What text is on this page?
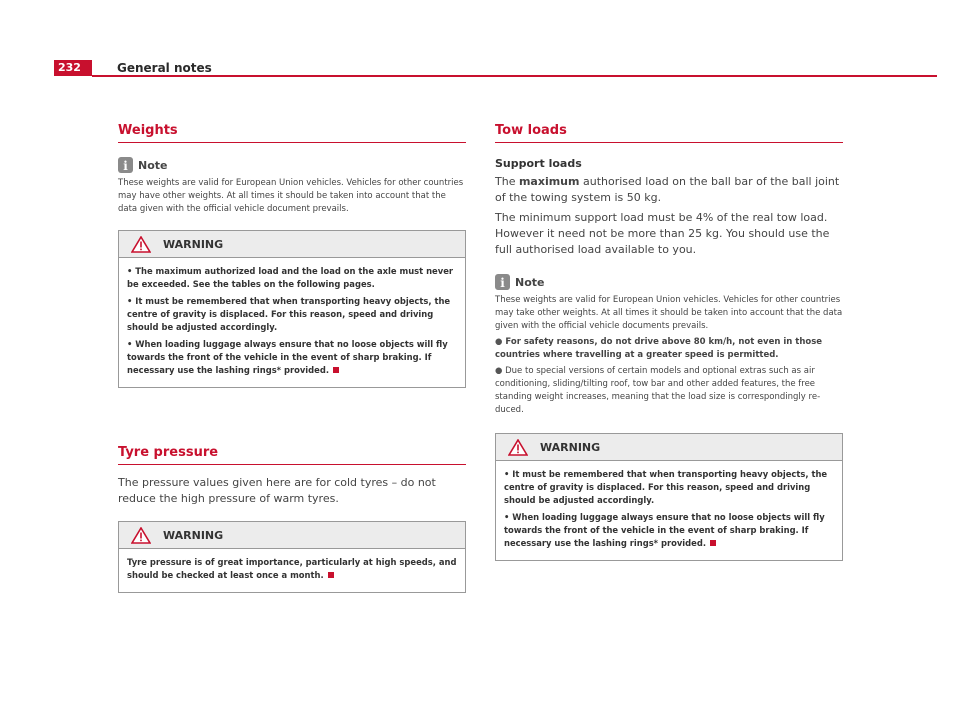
232	General notes
Weights
i Note

These weights are valid for European Union vehicles. Vehicles for other countries may have other weights. At all times it should be taken into account that the data given with the official vehicle document prevails.

WARNING

• The maximum authorized load and the load on the axle must never be exceeded. See the tables on the following pages.

• It must be remembered that when transporting heavy objects, the centre of gravity is displaced. For this reason, speed and driving should be adjusted accordingly.

• When loading luggage always ensure that no loose objects will fly towards the front of the vehicle in the event of sharp braking. If necessary use the lashing rings* provided.

Tyre pressure

The pressure values given here are for cold tyres – do not reduce the high pressure of warm tyres.

WARNING

Tyre pressure is of great importance, particularly at high speeds, and should be checked at least once a month.

Tow loads
Support loads

The maximum authorised load on the ball bar of the ball joint of the towing system is 50 kg.

The minimum support load must be 4% of the real tow load. However it need not be more than 25 kg. You should use the full authorised load available to you.

i Note

These weights are valid for European Union vehicles. Vehicles for other countries may take other weights. At all times it should be taken into account that the data given with the official vehicle documents prevails.

● For safety reasons, do not drive above 80 km/h, not even in those countries where travelling at a greater speed is permitted.

● Due to special versions of certain models and optional extras such as air conditioning, sliding/tilting roof, tow bar and other added features, the free standing weight increases, meaning that the load size is correspondingly re-duced.

WARNING

• It must be remembered that when transporting heavy objects, the centre of gravity is displaced. For this reason, speed and driving should be adjusted accordingly.

• When loading luggage always ensure that no loose objects will fly towards the front of the vehicle in the event of sharp braking. If necessary use the lashing rings* provided.
